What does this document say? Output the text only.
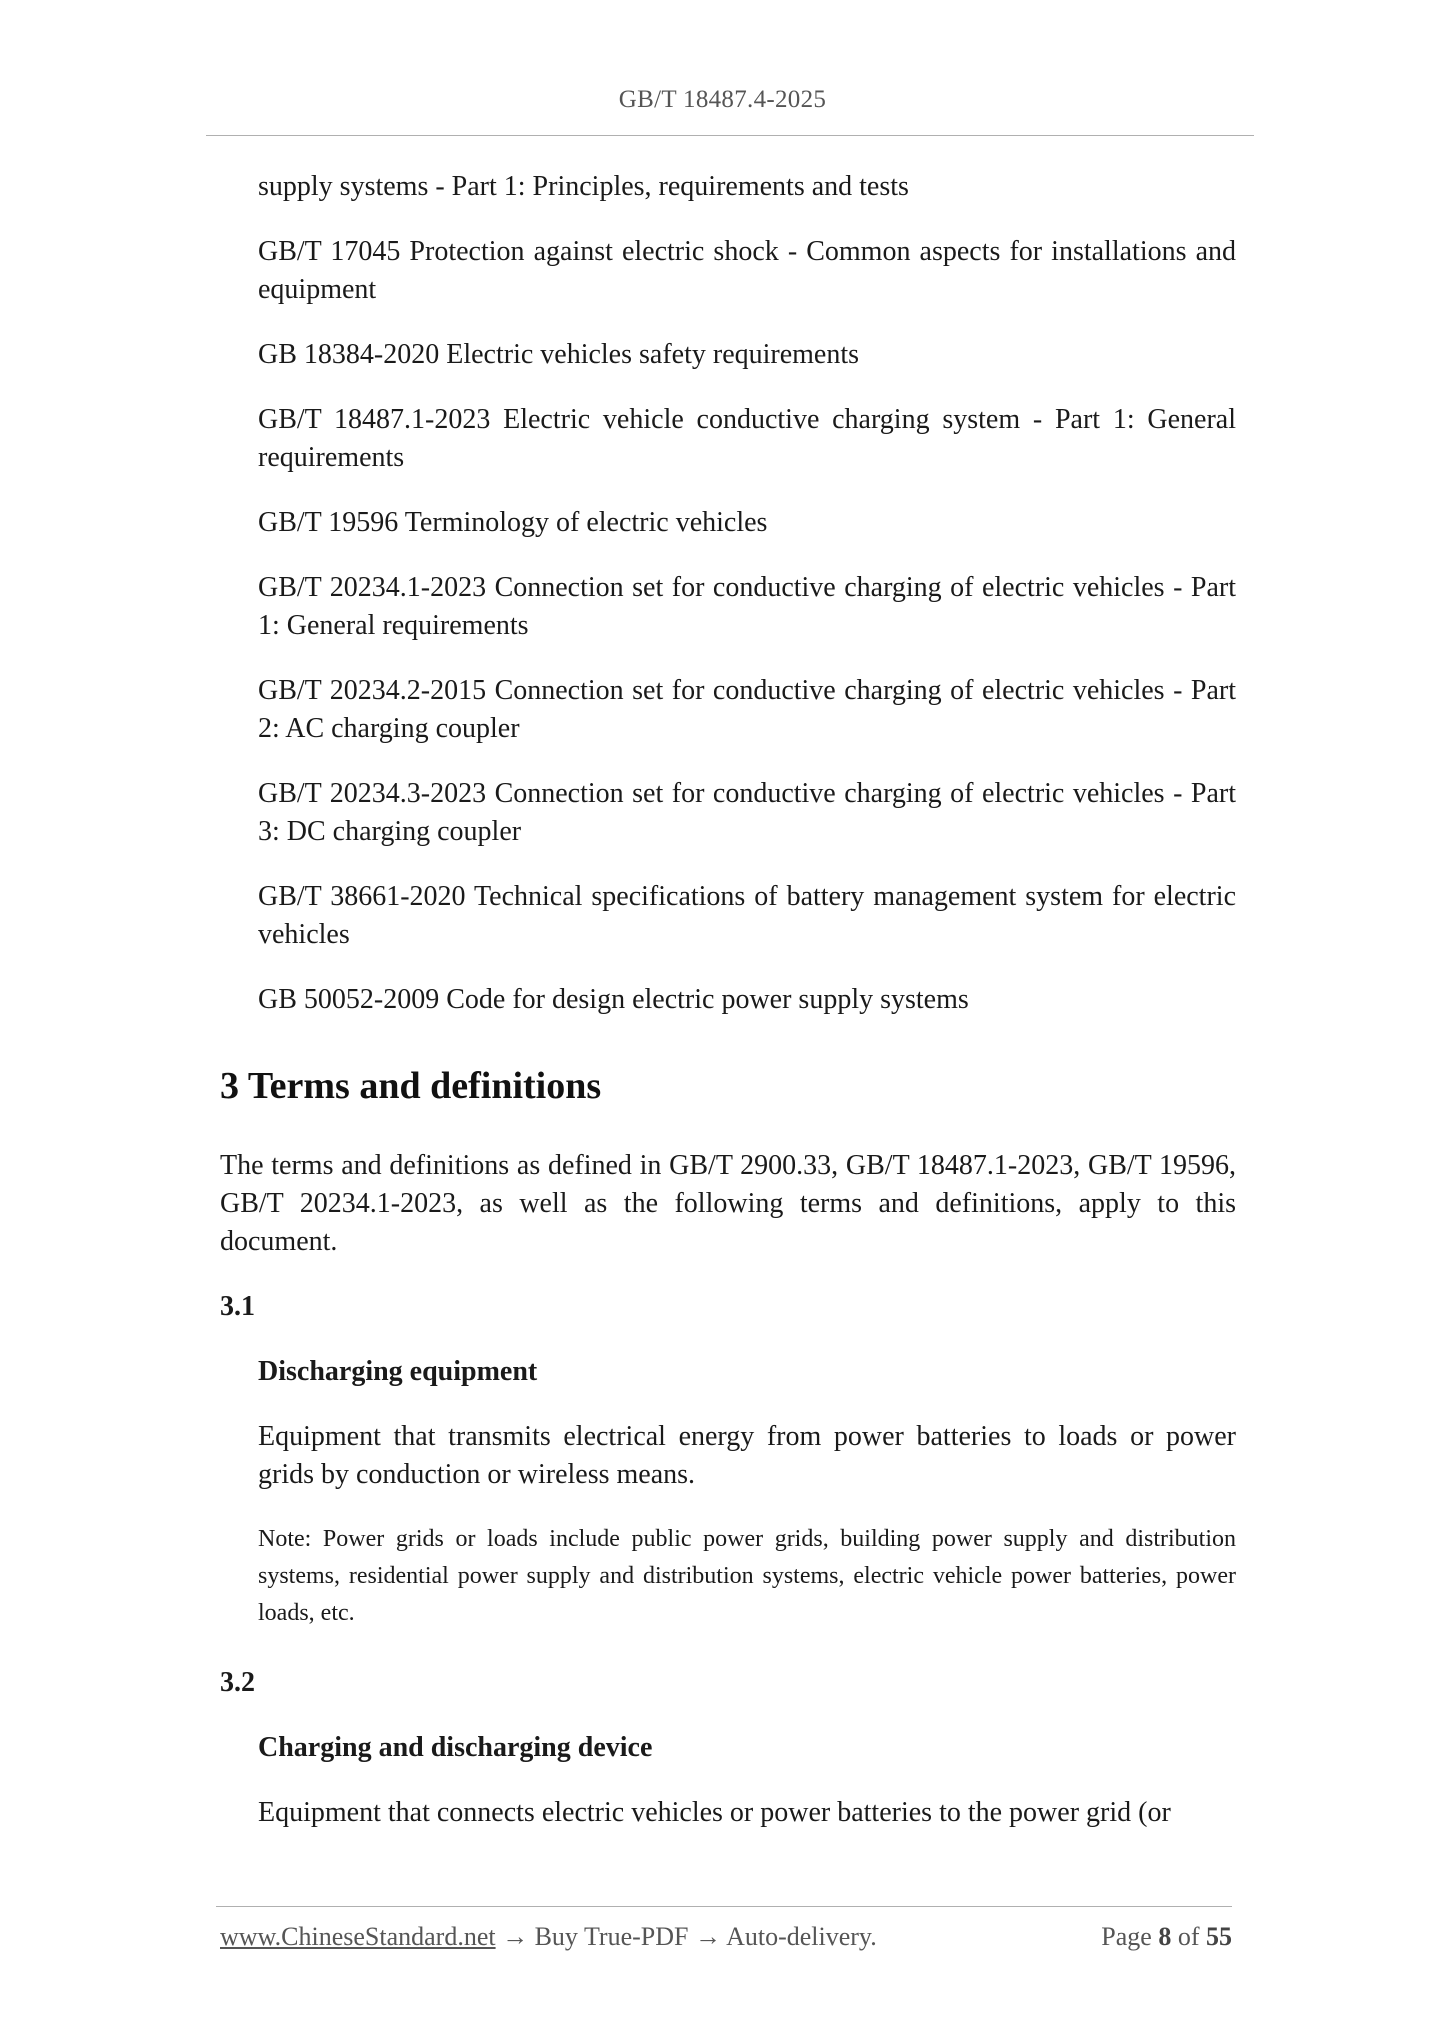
GB/T 18487.4-2025

supply systems - Part 1: Principles, requirements and tests

GB/T 17045 Protection against electric shock - Common aspects for installations and equipment

GB 18384-2020 Electric vehicles safety requirements

GB/T 18487.1-2023 Electric vehicle conductive charging system - Part 1: General requirements

GB/T 19596 Terminology of electric vehicles

GB/T 20234.1-2023 Connection set for conductive charging of electric vehicles - Part 1: General requirements

GB/T 20234.2-2015 Connection set for conductive charging of electric vehicles - Part 2: AC charging coupler

GB/T 20234.3-2023 Connection set for conductive charging of electric vehicles - Part 3: DC charging coupler

GB/T 38661-2020 Technical specifications of battery management system for electric vehicles

GB 50052-2009 Code for design electric power supply systems

3 Terms and definitions

The terms and definitions as defined in GB/T 2900.33, GB/T 18487.1-2023, GB/T 19596, GB/T 20234.1-2023, as well as the following terms and definitions, apply to this document.

3.1

Discharging equipment

Equipment that transmits electrical energy from power batteries to loads or power grids by conduction or wireless means.

Note: Power grids or loads include public power grids, building power supply and distribution systems, residential power supply and distribution systems, electric vehicle power batteries, power loads, etc.

3.2

Charging and discharging device

Equipment that connects electric vehicles or power batteries to the power grid (or

www.ChineseStandard.net → Buy True-PDF → Auto-delivery.	Page 8 of 55
